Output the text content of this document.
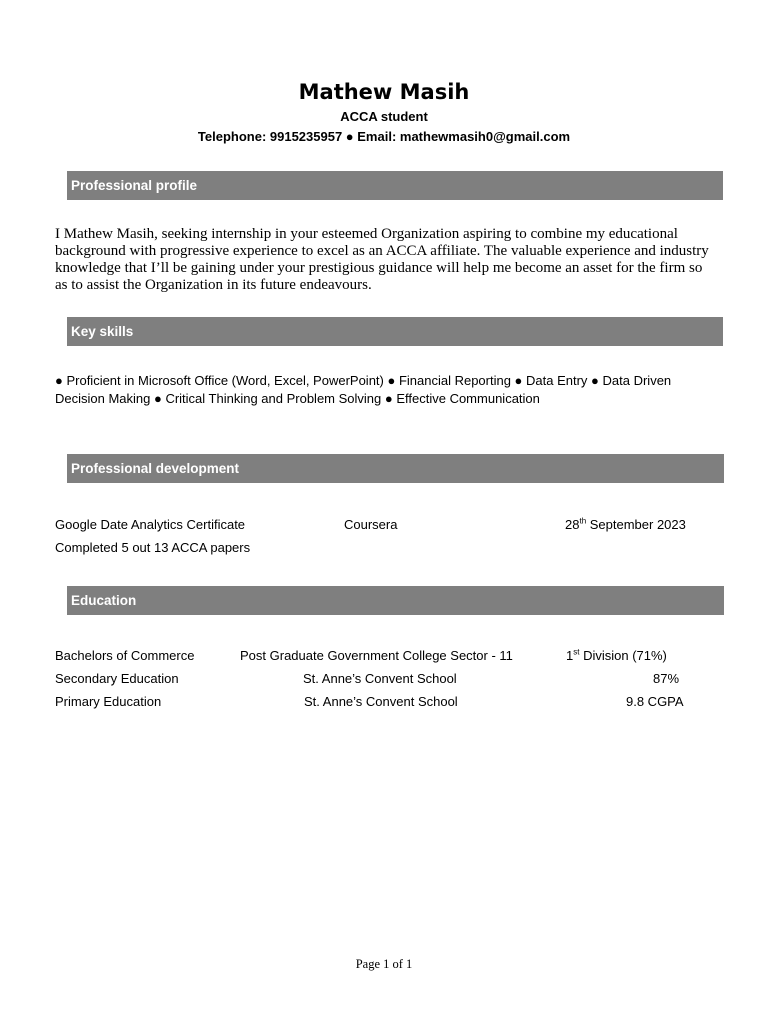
Mathew Masih
ACCA student
Telephone: 9915235957 ● Email: mathewmasih0@gmail.com
Professional profile
I Mathew Masih, seeking internship in your esteemed Organization aspiring to combine my educational background with progressive experience to excel as an ACCA affiliate. The valuable experience and industry knowledge that I’ll be gaining under your prestigious guidance will help me become an asset for the firm so as to assist the Organization in its future endeavours.
Key skills
● Proficient in Microsoft Office (Word, Excel, PowerPoint) ● Financial Reporting ● Data Entry ● Data Driven Decision Making ● Critical Thinking and Problem Solving ● Effective Communication
Professional development
Google Date Analytics Certificate	Coursera	28th September 2023
Completed 5 out 13 ACCA papers
Education
Bachelors of Commerce	Post Graduate Government College Sector - 11	1st Division (71%)
Secondary Education	St. Anne’s Convent School	87%
Primary Education	St. Anne’s Convent School	9.8 CGPA
Page 1 of 1
